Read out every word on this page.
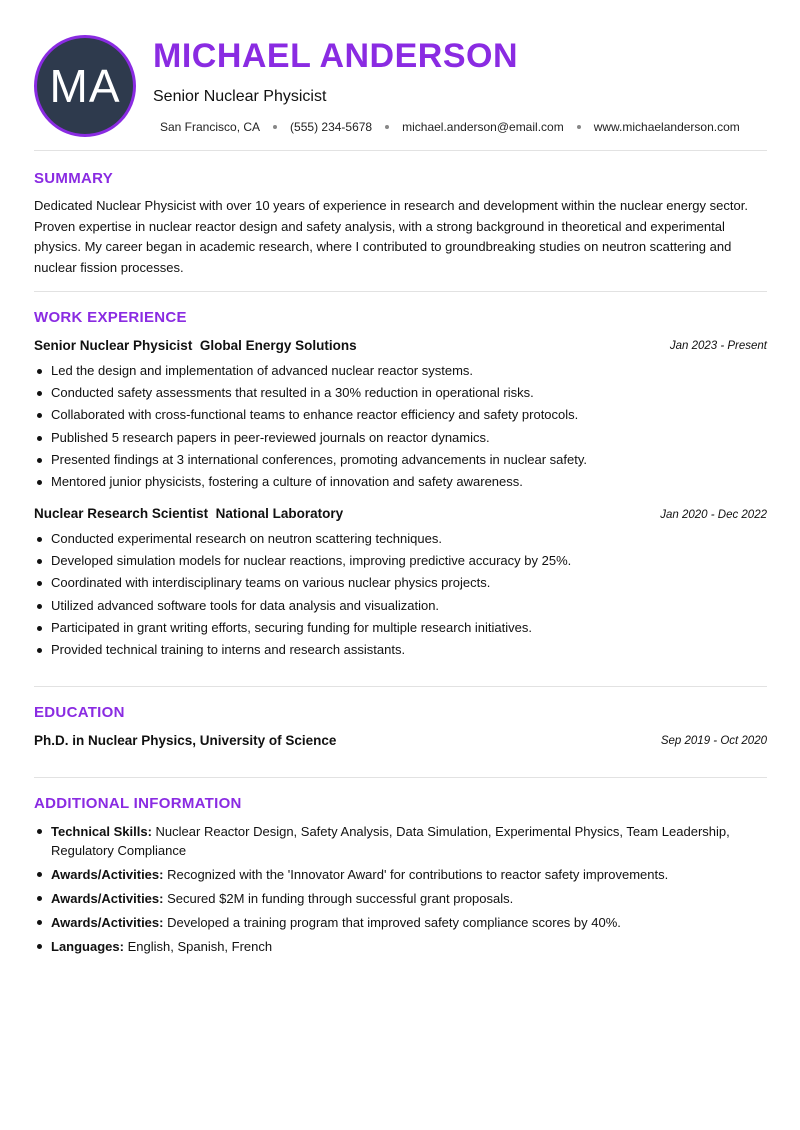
MA
MICHAEL ANDERSON
Senior Nuclear Physicist
San Francisco, CA	(555) 234-5678	michael.anderson@email.com	www.michaelanderson.com
SUMMARY
Dedicated Nuclear Physicist with over 10 years of experience in research and development within the nuclear energy sector. Proven expertise in nuclear reactor design and safety analysis, with a strong background in theoretical and experimental physics. My career began in academic research, where I contributed to groundbreaking studies on neutron scattering and nuclear fission processes.
WORK EXPERIENCE
Senior Nuclear Physicist Global Energy Solutions	Jan 2023 - Present
Led the design and implementation of advanced nuclear reactor systems.
Conducted safety assessments that resulted in a 30% reduction in operational risks.
Collaborated with cross-functional teams to enhance reactor efficiency and safety protocols.
Published 5 research papers in peer-reviewed journals on reactor dynamics.
Presented findings at 3 international conferences, promoting advancements in nuclear safety.
Mentored junior physicists, fostering a culture of innovation and safety awareness.
Nuclear Research Scientist National Laboratory	Jan 2020 - Dec 2022
Conducted experimental research on neutron scattering techniques.
Developed simulation models for nuclear reactions, improving predictive accuracy by 25%.
Coordinated with interdisciplinary teams on various nuclear physics projects.
Utilized advanced software tools for data analysis and visualization.
Participated in grant writing efforts, securing funding for multiple research initiatives.
Provided technical training to interns and research assistants.
EDUCATION
Ph.D. in Nuclear Physics, University of Science	Sep 2019 - Oct 2020
ADDITIONAL INFORMATION
Technical Skills: Nuclear Reactor Design, Safety Analysis, Data Simulation, Experimental Physics, Team Leadership, Regulatory Compliance
Awards/Activities: Recognized with the 'Innovator Award' for contributions to reactor safety improvements.
Awards/Activities: Secured $2M in funding through successful grant proposals.
Awards/Activities: Developed a training program that improved safety compliance scores by 40%.
Languages: English, Spanish, French
